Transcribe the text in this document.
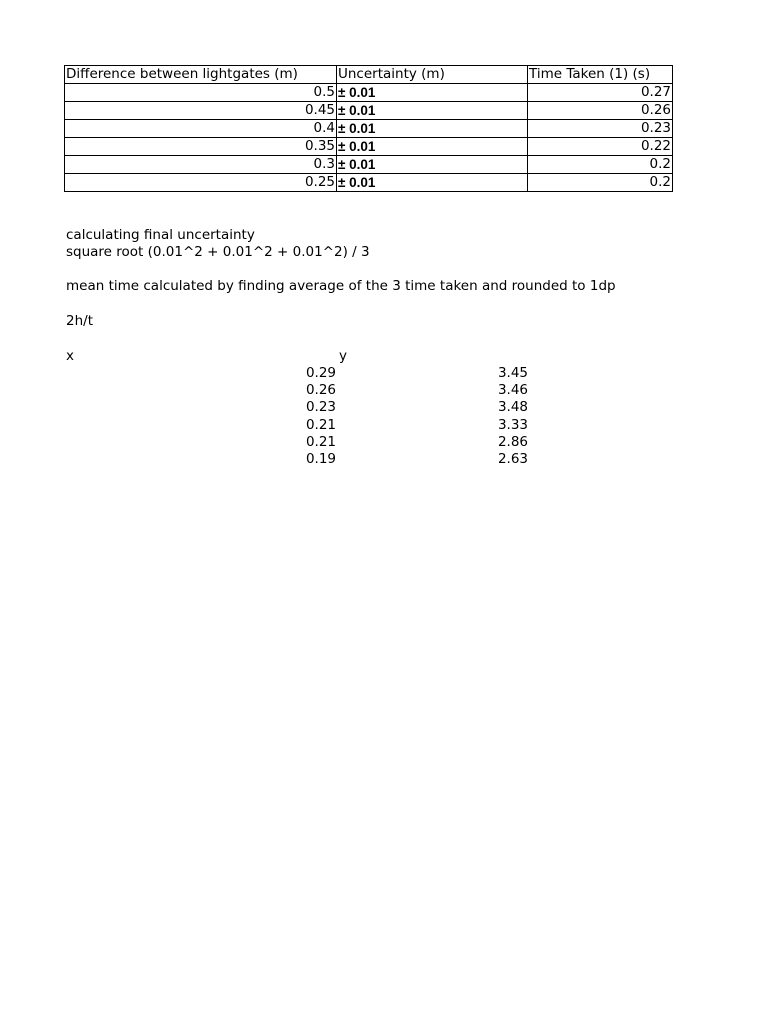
Difference between lightgates (m)	Uncertainty (m)	Time Taken (1) (s)
0.5	± 0.01	0.27
0.45	± 0.01	0.26
0.4	± 0.01	0.23
0.35	± 0.01	0.22
0.3	± 0.01	0.2
0.25	± 0.01	0.2
calculating final uncertainty
square root (0.01^2 + 0.01^2 + 0.01^2) / 3
mean time calculated by finding average of the 3 time taken and rounded to 1dp
2h/t
x	y
0.29	3.45
0.26	3.46
0.23	3.48
0.21	3.33
0.21	2.86
0.19	2.63
